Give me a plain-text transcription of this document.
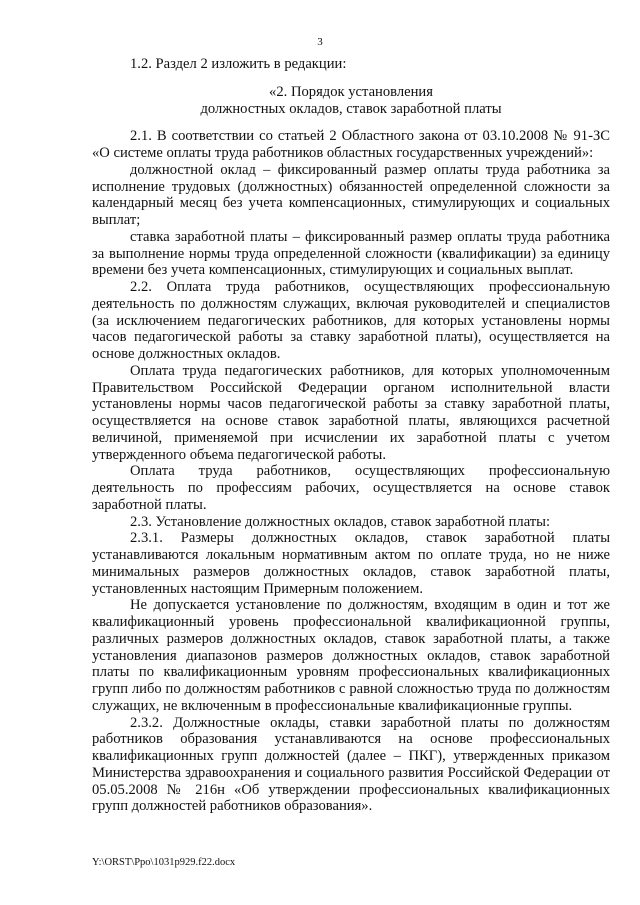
3

1.2. Раздел 2 изложить в редакции:

«2. Порядок установления

должностных окладов, ставок заработной платы

2.1. В соответствии со статьей 2 Областного закона от 03.10.2008 № 91-ЗС «О системе оплаты труда работников областных государственных учреждений»:

должностной оклад – фиксированный размер оплаты труда работника за исполнение трудовых (должностных) обязанностей определенной сложности за календарный месяц без учета компенсационных, стимулирующих и социальных выплат;

ставка заработной платы – фиксированный размер оплаты труда работника за выполнение нормы труда определенной сложности (квалификации) за единицу времени без учета компенсационных, стимулирующих и социальных выплат.

2.2. Оплата труда работников, осуществляющих профессиональную деятельность по должностям служащих, включая руководителей и специалистов (за исключением педагогических работников, для которых установлены нормы часов педагогической работы за ставку заработной платы), осуществляется на основе должностных окладов.

Оплата труда педагогических работников, для которых уполномоченным Правительством Российской Федерации органом исполнительной власти установлены нормы часов педагогической работы за ставку заработной платы, осуществляется на основе ставок заработной платы, являющихся расчетной величиной, применяемой при исчислении их заработной платы с учетом утвержденного объема педагогической работы.

Оплата труда работников, осуществляющих профессиональную деятельность по профессиям рабочих, осуществляется на основе ставок заработной платы.

2.3. Установление должностных окладов, ставок заработной платы:

2.3.1. Размеры должностных окладов, ставок заработной платы устанавливаются локальным нормативным актом по оплате труда, но не ниже минимальных размеров должностных окладов, ставок заработной платы, установленных настоящим Примерным положением.

Не допускается установление по должностям, входящим в один и тот же квалификационный уровень профессиональной квалификационной группы, различных размеров должностных окладов, ставок заработной платы, а также установления диапазонов размеров должностных окладов, ставок заработной платы по квалификационным уровням профессиональных квалификационных групп либо по должностям работников с равной сложностью труда по должностям служащих, не включенным в профессиональные квалификационные группы.

2.3.2. Должностные оклады, ставки заработной платы по должностям работников образования устанавливаются на основе профессиональных квалификационных групп должностей (далее – ПКГ), утвержденных приказом Министерства здравоохранения и социального развития Российской Федерации от 05.05.2008 № 216н «Об утверждении профессиональных квалификационных групп должностей работников образования».

Y:\ORST\Ppo\1031p929.f22.docx
